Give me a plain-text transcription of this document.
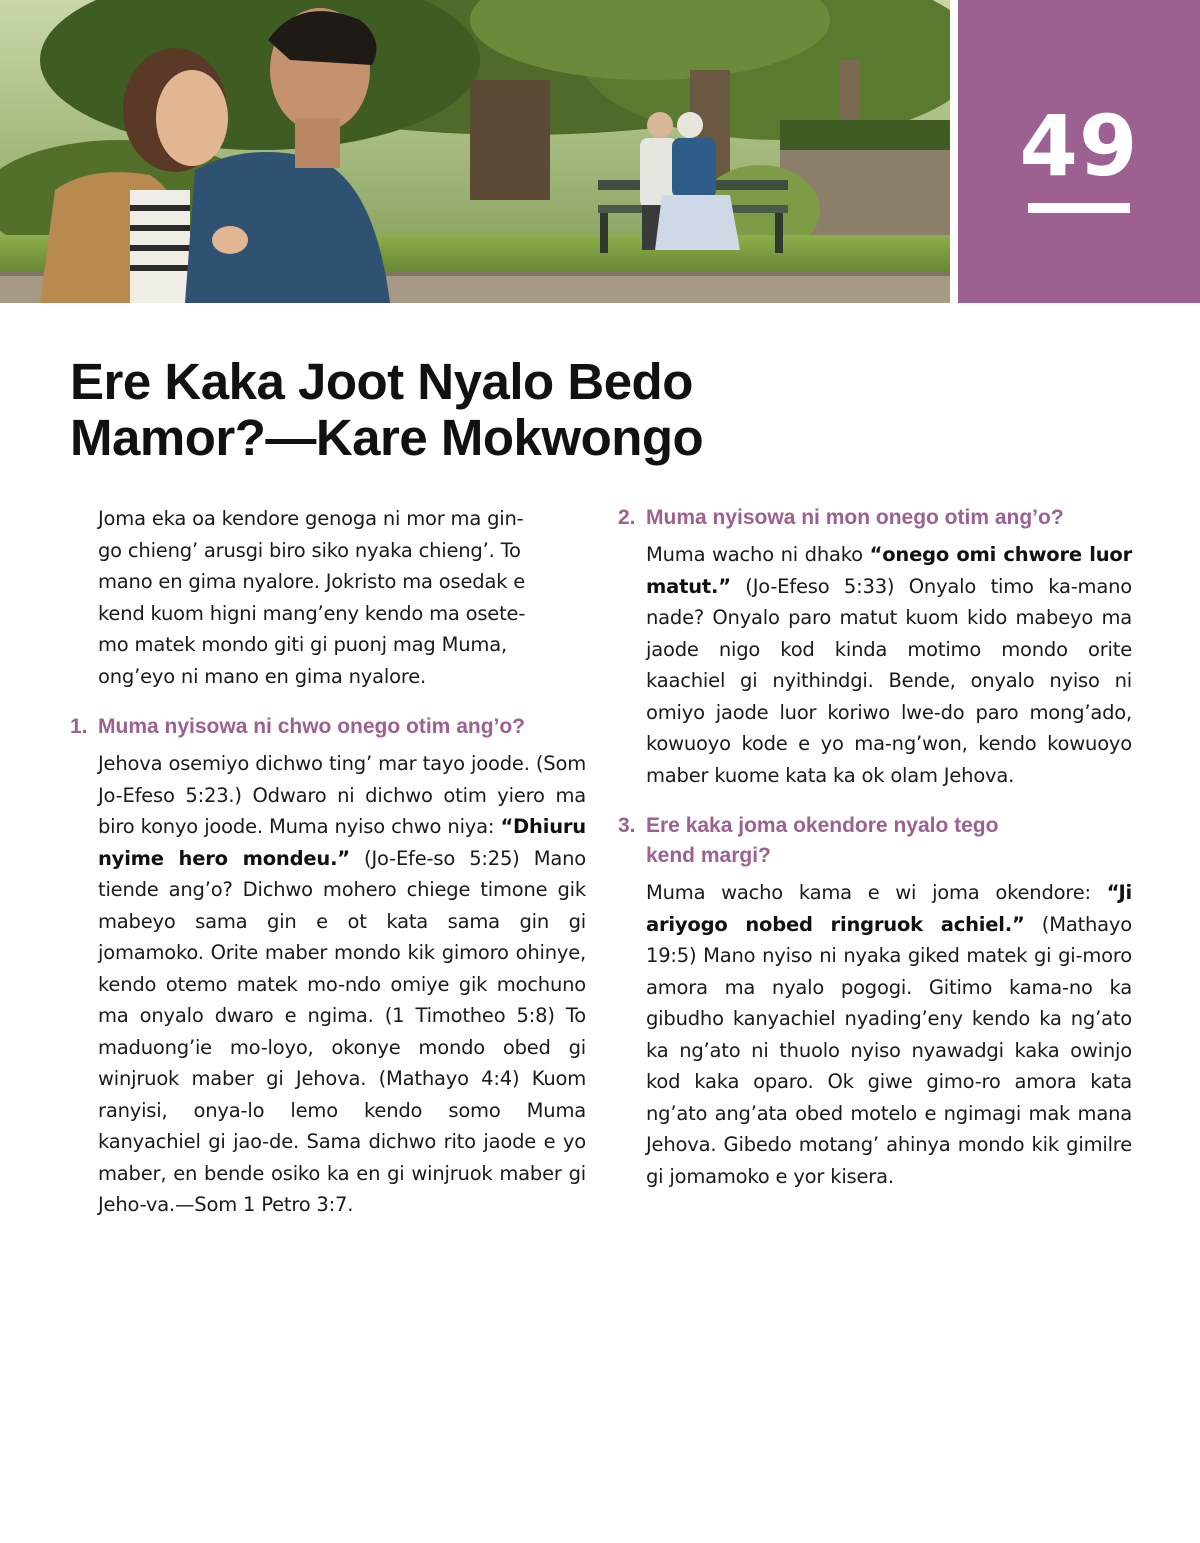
49
Ere Kaka Joot Nyalo Bedo
Mamor?—Kare Mokwongo

Joma eka oa kendore genoga ni mor ma gin-
go chieng’ arusgi biro siko nyaka chieng’. To
mano en gima nyalore. Jokristo ma osedak e
kend kuom higni mang’eny kendo ma osete-
mo matek mondo giti gi puonj mag Muma,
ong’eyo ni mano en gima nyalore.

1. Muma nyisowa ni chwo onego otim ang’o?

Jehova osemiyo dichwo ting’ mar tayo joode. (Som Jo-Efeso 5:23.) Odwaro ni dichwo otim yiero ma biro konyo joode. Muma nyiso chwo niya: “Dhiuru nyime hero mondeu.” (Jo-Efe-so 5:25) Mano tiende ang’o? Dichwo mohero chiege timone gik mabeyo sama gin e ot kata sama gin gi jomamoko. Orite maber mondo kik gimoro ohinye, kendo otemo matek mo-ndo omiye gik mochuno ma onyalo dwaro e ngima. (1 Timotheo 5:8) To maduong’ie mo-loyo, okonye mondo obed gi winjruok maber gi Jehova. (Mathayo 4:4) Kuom ranyisi, onya-lo lemo kendo somo Muma kanyachiel gi jao-de. Sama dichwo rito jaode e yo maber, en bende osiko ka en gi winjruok maber gi Jeho-va.—Som 1 Petro 3:7.

2. Muma nyisowa ni mon onego otim ang’o?

Muma wacho ni dhako “onego omi chwore luor matut.” (Jo-Efeso 5:33) Onyalo timo ka-mano nade? Onyalo paro matut kuom kido mabeyo ma jaode nigo kod kinda motimo mondo orite kaachiel gi nyithindgi. Bende, onyalo nyiso ni omiyo jaode luor koriwo lwe-do paro mong’ado, kowuoyo kode e yo ma-ng’won, kendo kowuoyo maber kuome kata ka ok olam Jehova.

3. Ere kaka joma okendore nyalo tego
kend margi?

Muma wacho kama e wi joma okendore: “Ji ariyogo nobed ringruok achiel.” (Mathayo 19:5) Mano nyiso ni nyaka giked matek gi gi-moro amora ma nyalo pogogi. Gitimo kama-no ka gibudho kanyachiel nyading’eny kendo ka ng’ato ka ng’ato ni thuolo nyiso nyawadgi kaka owinjo kod kaka oparo. Ok giwe gimo-ro amora kata ng’ato ang’ata obed motelo e ngimagi mak mana Jehova. Gibedo motang’ ahinya mondo kik gimilre gi jomamoko e yor kisera.
